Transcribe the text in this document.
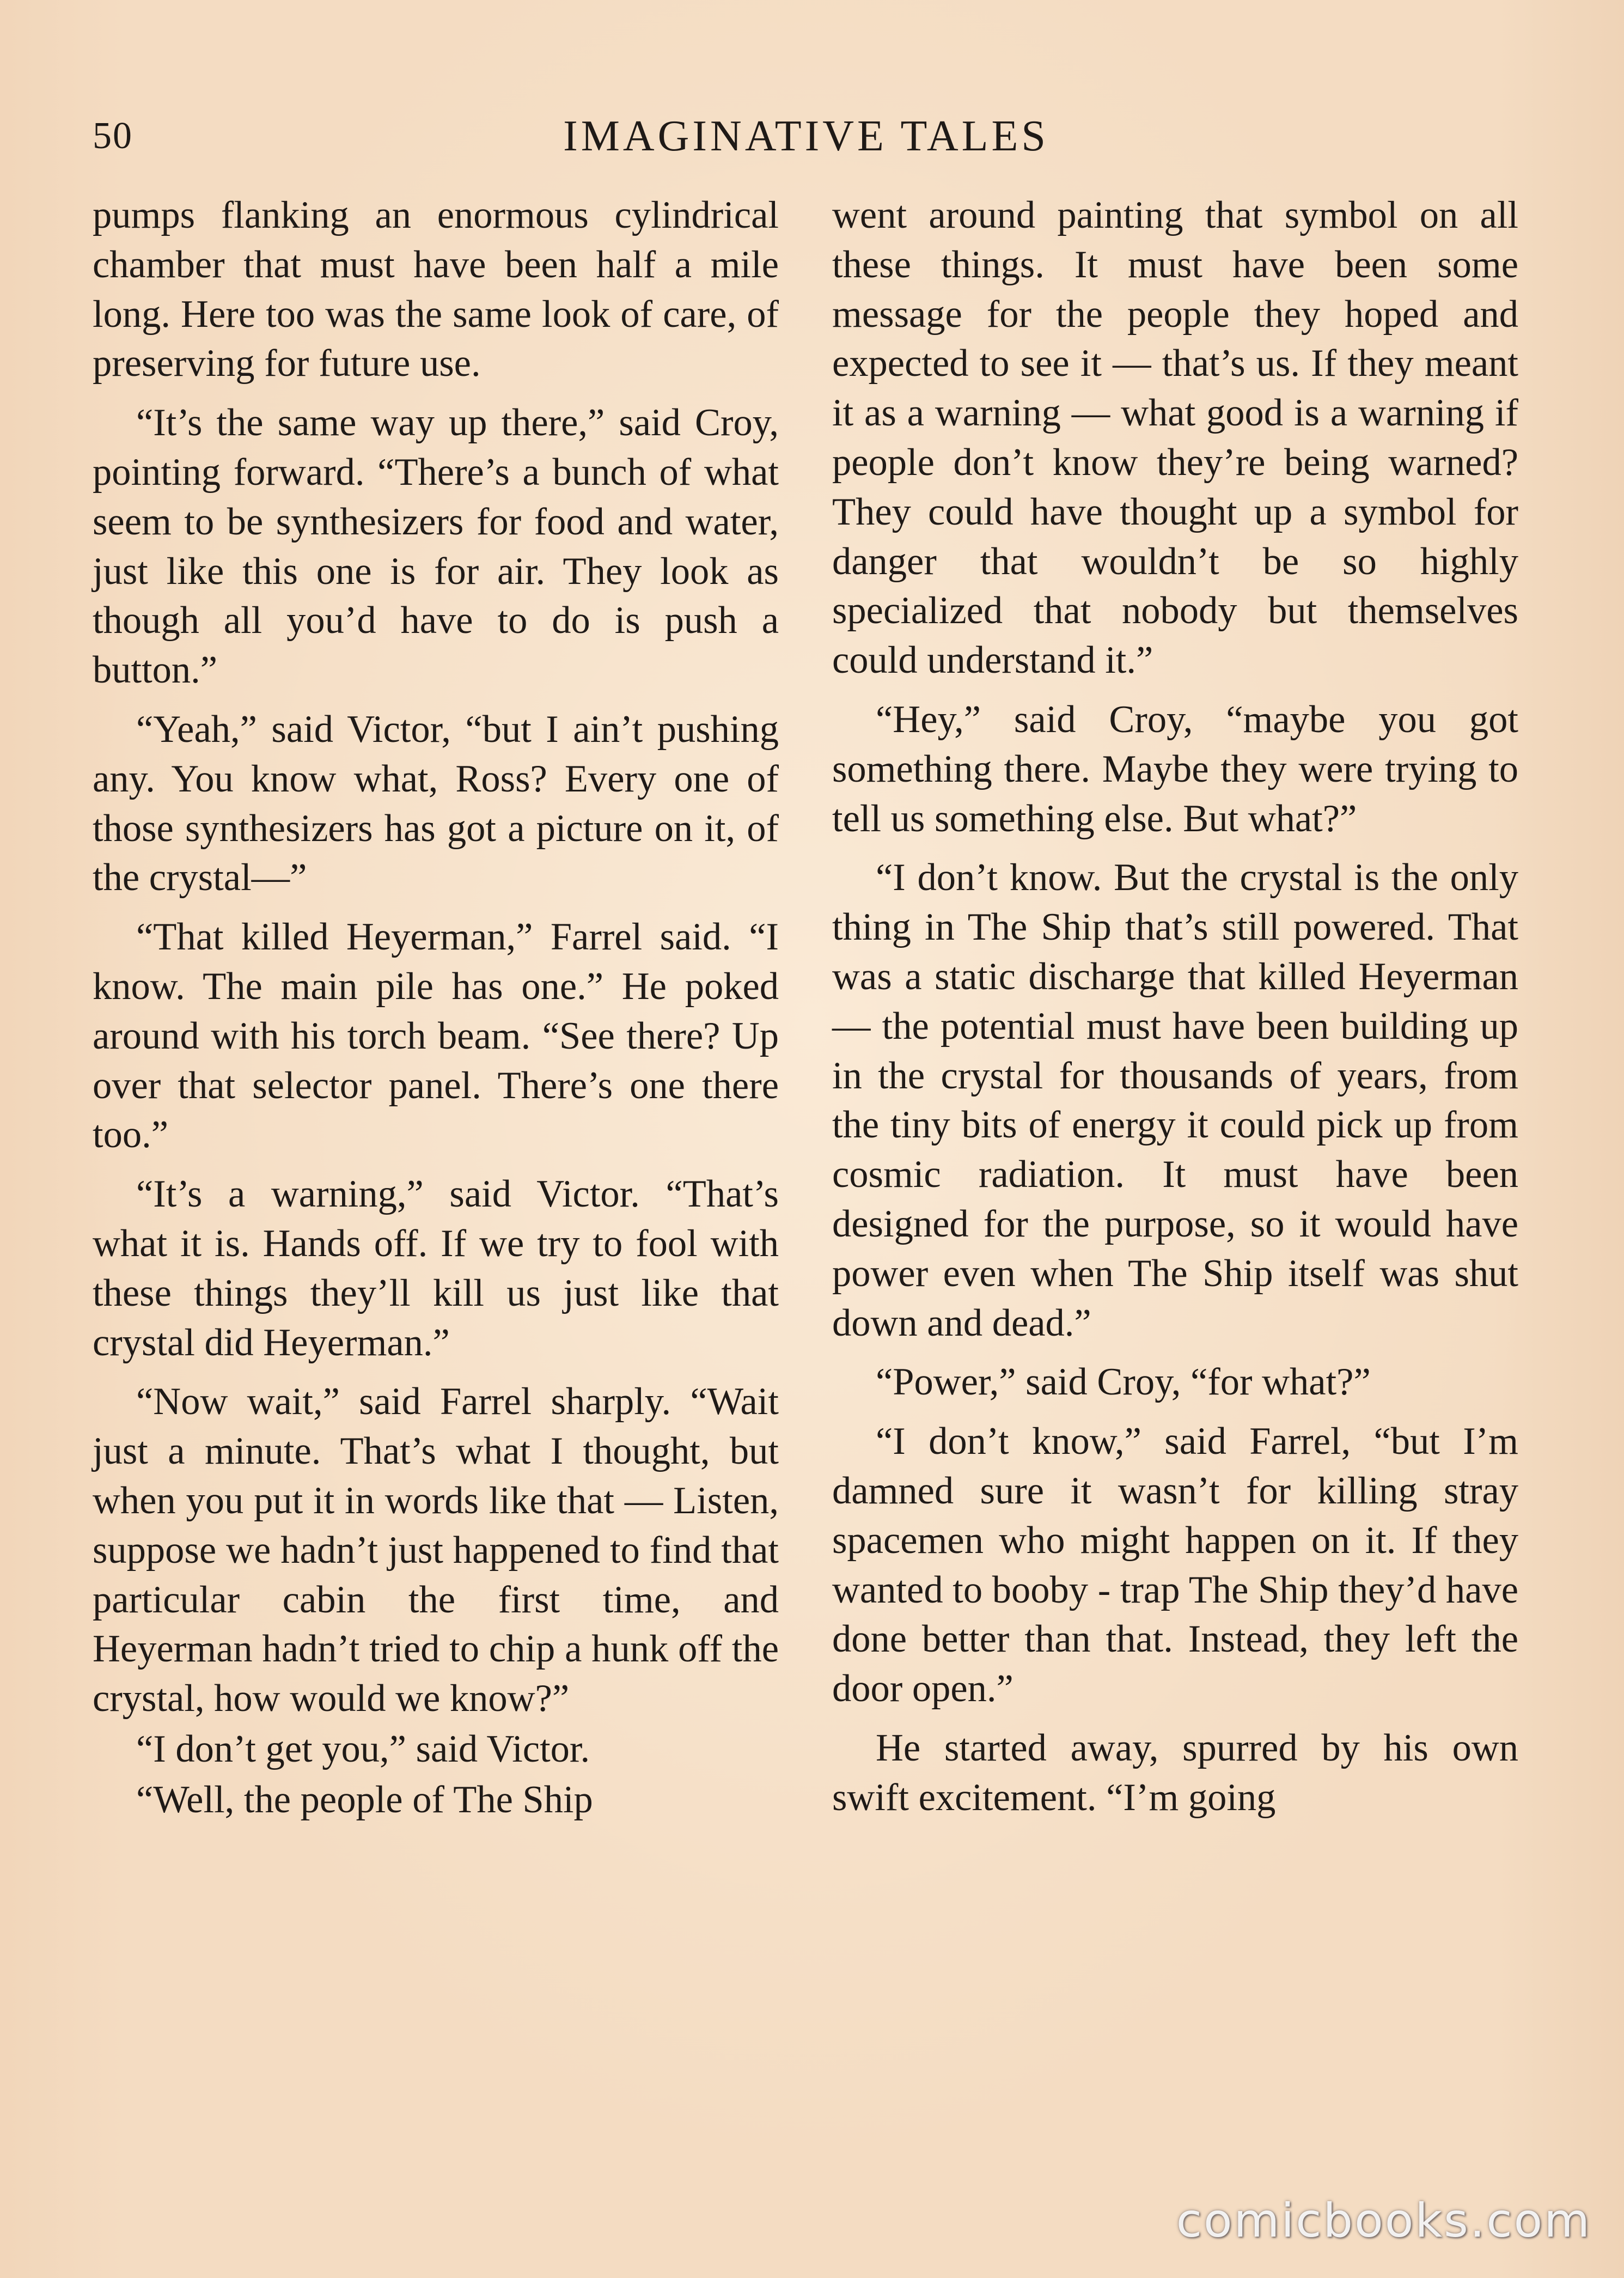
50	IMAGINATIVE TALES

pumps flanking an enormous cylindrical chamber that must have been half a mile long. Here too was the same look of care, of preserving for future use.

“It’s the same way up there,” said Croy, pointing forward. “There’s a bunch of what seem to be synthesizers for food and water, just like this one is for air. They look as though all you’d have to do is push a button.”

“Yeah,” said Victor, “but I ain’t pushing any. You know what, Ross? Every one of those synthesizers has got a picture on it, of the crystal—”

“That killed Heyerman,” Farrel said. “I know. The main pile has one.” He poked around with his torch beam. “See there? Up over that selector panel. There’s one there too.”

“It’s a warning,” said Victor. “That’s what it is. Hands off. If we try to fool with these things they’ll kill us just like that crystal did Heyerman.”

“Now wait,” said Farrel sharply. “Wait just a minute. That’s what I thought, but when you put it in words like that — Listen, suppose we hadn’t just happened to find that particular cabin the first time, and Heyerman hadn’t tried to chip a hunk off the crystal, how would we know?”

“I don’t get you,” said Victor.

“Well, the people of The Ship

went around painting that symbol on all these things. It must have been some message for the people they hoped and expected to see it — that’s us. If they meant it as a warning — what good is a warning if people don’t know they’re being warned? They could have thought up a symbol for danger that wouldn’t be so highly specialized that nobody but themselves could understand it.”

“Hey,” said Croy, “maybe you got something there. Maybe they were trying to tell us something else. But what?”

“I don’t know. But the crystal is the only thing in The Ship that’s still powered. That was a static discharge that killed Heyerman — the potential must have been building up in the crystal for thousands of years, from the tiny bits of energy it could pick up from cosmic radiation. It must have been designed for the purpose, so it would have power even when The Ship itself was shut down and dead.”

“Power,” said Croy, “for what?”

“I don’t know,” said Farrel, “but I’m damned sure it wasn’t for killing stray spacemen who might happen on it. If they wanted to booby - trap The Ship they’d have done better than that. Instead, they left the door open.”

He started away, spurred by his own swift excitement. “I’m going

comicbooks.com
